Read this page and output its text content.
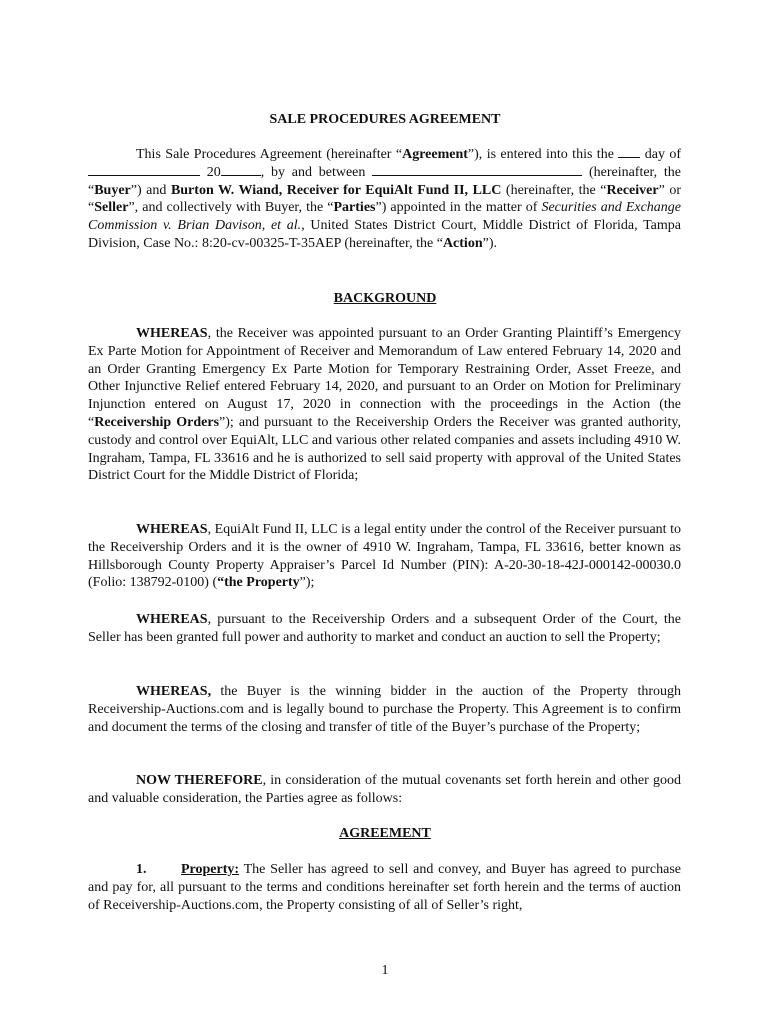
SALE PROCEDURES AGREEMENT
This Sale Procedures Agreement (hereinafter “Agreement”), is entered into this the day of  20	, by and between	(hereinafter, the “Buyer”) and Burton W. Wiand, Receiver for EquiAlt Fund II, LLC (hereinafter, the “Receiver” or “Seller”, and collectively with Buyer, the “Parties”) appointed in the matter of Securities and Exchange Commission v. Brian Davison, et al., United States District Court, Middle District of Florida, Tampa Division, Case No.: 8:20-cv-00325-T-35AEP (hereinafter, the “Action”).
BACKGROUND
WHEREAS, the Receiver was appointed pursuant to an Order Granting Plaintiff’s Emergency Ex Parte Motion for Appointment of Receiver and Memorandum of Law entered February 14, 2020 and an Order Granting Emergency Ex Parte Motion for Temporary Restraining Order, Asset Freeze, and Other Injunctive Relief entered February 14, 2020, and pursuant to an Order on Motion for Preliminary Injunction entered on August 17, 2020 in connection with the proceedings in the Action (the “Receivership Orders”); and pursuant to the Receivership Orders the Receiver was granted authority, custody and control over EquiAlt, LLC and various other related companies and assets including 4910 W. Ingraham, Tampa, FL 33616 and he is authorized to sell said property with approval of the United States District Court for the Middle District of Florida;
WHEREAS, EquiAlt Fund II, LLC is a legal entity under the control of the Receiver pursuant to the Receivership Orders and it is the owner of 4910 W. Ingraham, Tampa, FL 33616, better known as Hillsborough County Property Appraiser’s Parcel Id Number (PIN): A-20-30-18-42J-000142-00030.0 (Folio: 138792-0100) (“the Property”);
WHEREAS, pursuant to the Receivership Orders and a subsequent Order of the Court, the Seller has been granted full power and authority to market and conduct an auction to sell the Property;
WHEREAS, the Buyer is the winning bidder in the auction of the Property through Receivership-Auctions.com and is legally bound to purchase the Property. This Agreement is to confirm and document the terms of the closing and transfer of title of the Buyer’s purchase of the Property;
NOW THEREFORE, in consideration of the mutual covenants set forth herein and other good and valuable consideration, the Parties agree as follows:
AGREEMENT
1. Property: The Seller has agreed to sell and convey, and Buyer has agreed to purchase and pay for, all pursuant to the terms and conditions hereinafter set forth herein and the terms of auction of Receivership-Auctions.com, the Property consisting of all of Seller’s right,
1
